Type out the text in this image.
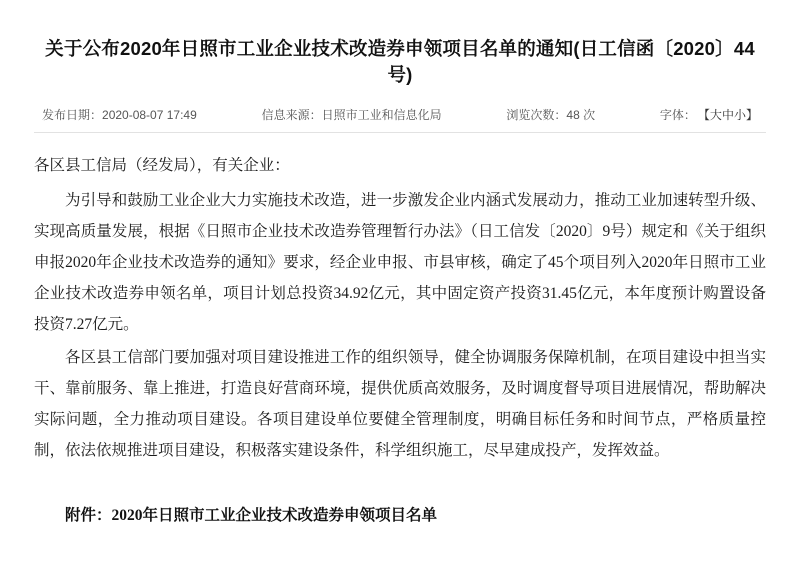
关于公布2020年日照市工业企业技术改造券申领项目名单的通知(日工信函〔2020〕44号)
发布日期：2020-08-07 17:49	信息来源：日照市工业和信息化局	浏览次数：48 次	字体： 【大中小】

各区县工信局（经发局），有关企业：

为引导和鼓励工业企业大力实施技术改造，进一步激发企业内涵式发展动力，推动工业加速转型升级、实现高质量发展，根据《日照市企业技术改造券管理暂行办法》（日工信发〔2020〕9号）规定和《关于组织申报2020年企业技术改造券的通知》要求，经企业申报、市县审核，确定了45个项目列入2020年日照市工业企业技术改造券申领名单，项目计划总投资34.92亿元，其中固定资产投资31.45亿元，本年度预计购置设备投资7.27亿元。

各区县工信部门要加强对项目建设推进工作的组织领导，健全协调服务保障机制，在项目建设中担当实干、靠前服务、靠上推进，打造良好营商环境，提供优质高效服务，及时调度督导项目进展情况，帮助解决实际问题，全力推动项目建设。各项目建设单位要健全管理制度，明确目标任务和时间节点，严格质量控制，依法依规推进项目建设，积极落实建设条件，科学组织施工，尽早建成投产，发挥效益。

附件：2020年日照市工业企业技术改造券申领项目名单
